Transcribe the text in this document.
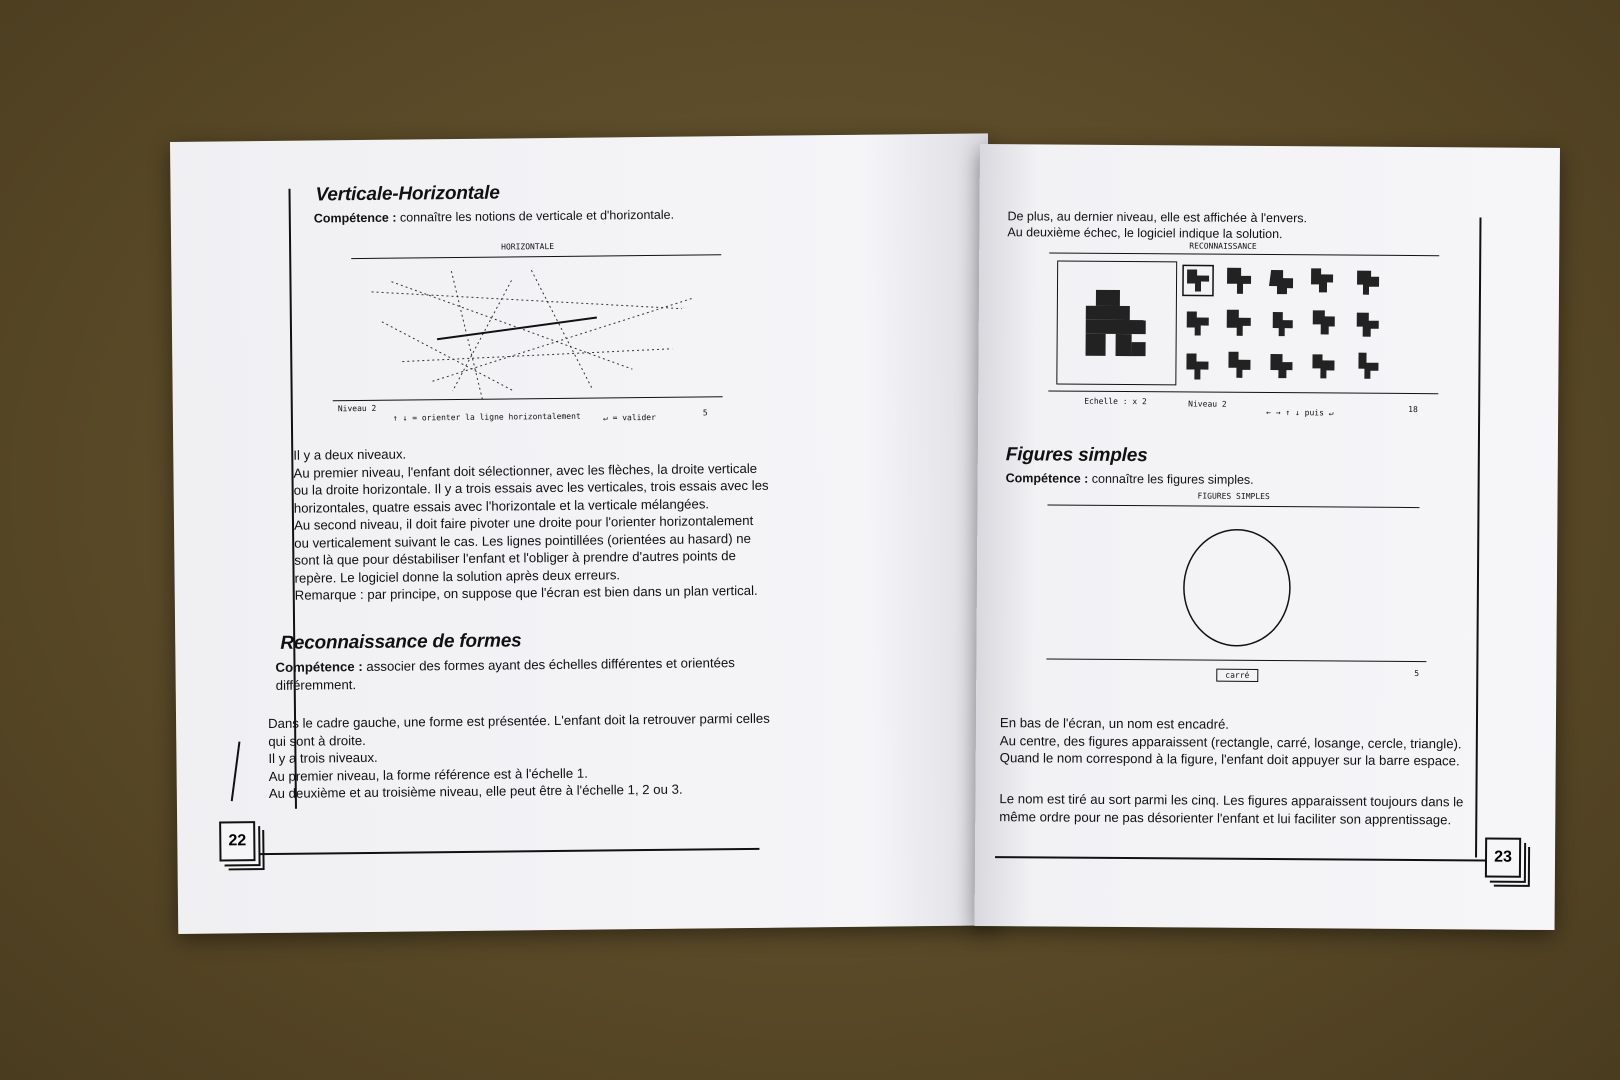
Verticale-Horizontale
Compétence : connaître les notions de verticale et d'horizontale.
HORIZONTALE
Niveau 2
↑ ↓ = orienter la ligne horizontalement	↵ = valider
5

Il y a deux niveaux.

Au premier niveau, l'enfant doit sélectionner, avec les flèches, la droite verticale ou la droite horizontale. Il y a trois essais avec les verticales, trois essais avec les horizontales, quatre essais avec l'horizontale et la verticale mélangées.

Au second niveau, il doit faire pivoter une droite pour l'orienter horizontalement ou verticalement suivant le cas. Les lignes pointillées (orientées au hasard) ne sont là que pour déstabiliser l'enfant et l'obliger à prendre d'autres points de repère. Le logiciel donne la solution après deux erreurs.

Remarque : par principe, on suppose que l'écran est bien dans un plan vertical.

Reconnaissance de formes
Compétence : associer des formes ayant des échelles différentes et orientées différemment.

Dans le cadre gauche, une forme est présentée. L'enfant doit la retrouver parmi celles qui sont à droite.

Il y a trois niveaux.

Au premier niveau, la forme référence est à l'échelle 1.

Au deuxième et au troisième niveau, elle peut être à l'échelle 1, 2 ou 3.

22

De plus, au dernier niveau, elle est affichée à l'envers.

Au deuxième échec, le logiciel indique la solution.

RECONNAISSANCE
Echelle : x 2	Niveau 2
← → ↑ ↓ puis ↵	18
Figures simples
Compétence : connaître les figures simples.
FIGURES SIMPLES
carré	5

En bas de l'écran, un nom est encadré.

Au centre, des figures apparaissent (rectangle, carré, losange, cercle, triangle).

Quand le nom correspond à la figure, l'enfant doit appuyer sur la barre espace.

Le nom est tiré au sort parmi les cinq. Les figures apparaissent toujours dans le même ordre pour ne pas désorienter l'enfant et lui faciliter son apprentissage.
23
